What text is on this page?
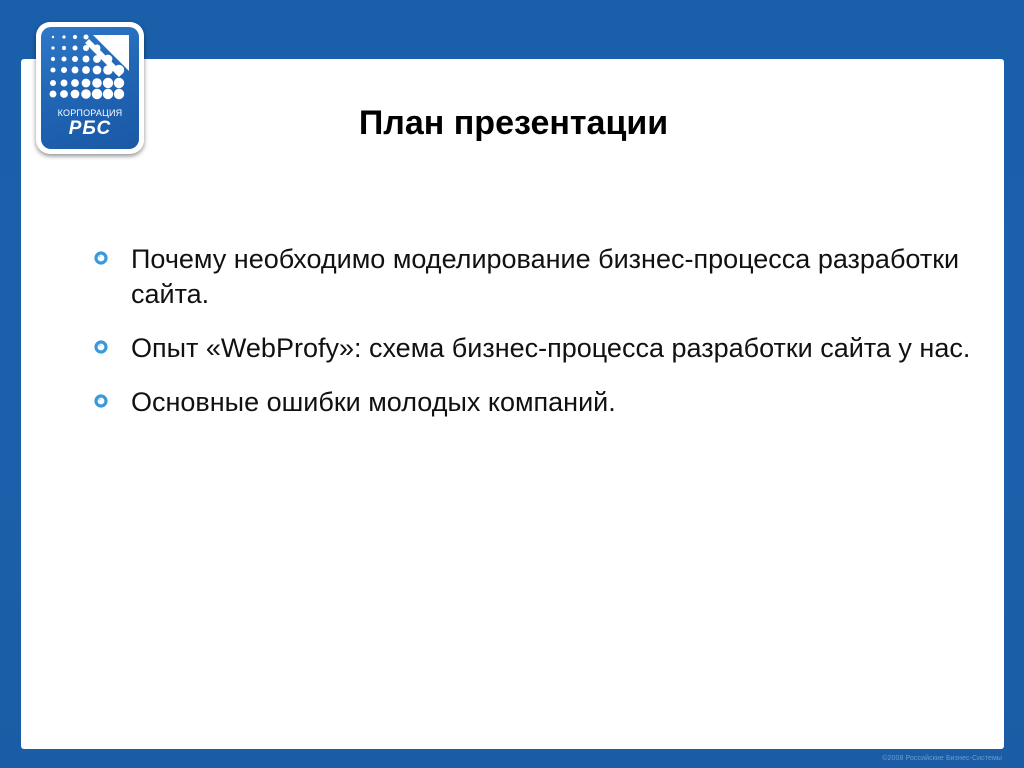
КОРПОРАЦИЯ
РБС	План презентации
Почему необходимо моделирование бизнес-процесса разработки сайта.
Опыт «WebProfy»: схема бизнес-процесса разработки сайта у нас.
Основные ошибки молодых компаний.
©2008 Российские Бизнес-Системы
